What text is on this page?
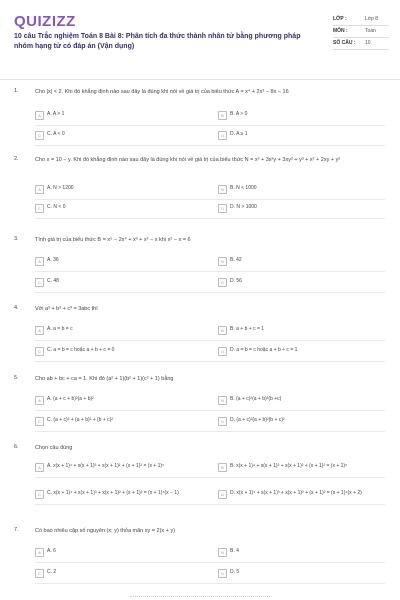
QUIZIZZ
10 câu Trắc nghiệm Toán 8 Bài 8: Phân tích đa thức thành nhân tử bằng phương pháp nhóm hạng tử có đáp án (Vận dụng)
LỚP :	Lớp 8
MÔN :	Toán
SỐ CÂU :	10
1.	Cho |x| < 2. Khi đó khẳng định nào sau đây là đúng khi nói về giá trị của biểu thức A = x⁴ + 2x³ − 8x − 16
A	A. A > 1	B	B. A > 0
C	C. A < 0	D	D. A ≥ 1
2.	Cho x = 10 − y. Khi đó khẳng định nào sau đây là đúng khi nói về giá trị của biểu thức N = x³ + 3x²y + 3xy² + y³ + x² + 2xy + y²
A	A. N > 1200	B	B. N < 1000
C	C. N < 0	D	D. N > 1000
3.	Tính giá trị của biểu thức B = x⁵ − 2x⁴ + x³ + x² − x khi x² − x = 6
A	A. 36	B	B. 42
C	C. 48	D	D. 56
4.	Với a³ + b³ + c³ = 3abc thì
A	A. a = b = c	B	B. a + b + c = 1
C	C. a = b = c hoặc a + b + c = 0	D	D. a = b = c hoặc a + b + c = 1
5.	Cho ab + bc + ca = 1. Khi đó (a² + 1)(b² + 1)(c² + 1) bằng
A	A. (a + c + b)²(a + b)²	B	B. (a + c)²(a + b)²(b +c)
C	C. (a + c)² + (a + b)² + (b + c)²	D	D. (a + c)²(a + b)²(b + c)²
6.	Chọn câu đúng
A	A. x(x + 1)⁴ + x(x + 1)³ + x(x + 1)² + (x + 1)² = (x + 1)⁵	B	B. x(x + 1)⁴ + x(x + 1)³ + x(x + 1)² + (x + 1)² = (x + 1)⁶
C	C. x(x + 1)⁴ + x(x + 1)³ + x(x + 1)² + (x + 1)² = (x + 1)⁴(x − 1)	D	D. x(x + 1)⁴ + x(x + 1)³ + x(x + 1)² + (x + 1)² = (x + 1)⁴(x + 2)
7.	Có bao nhiêu cặp số nguyên (x; y) thỏa mãn xy = 2(x + y)
A	A. 6	B	B. 4
C	C. 2	D	D. 5
